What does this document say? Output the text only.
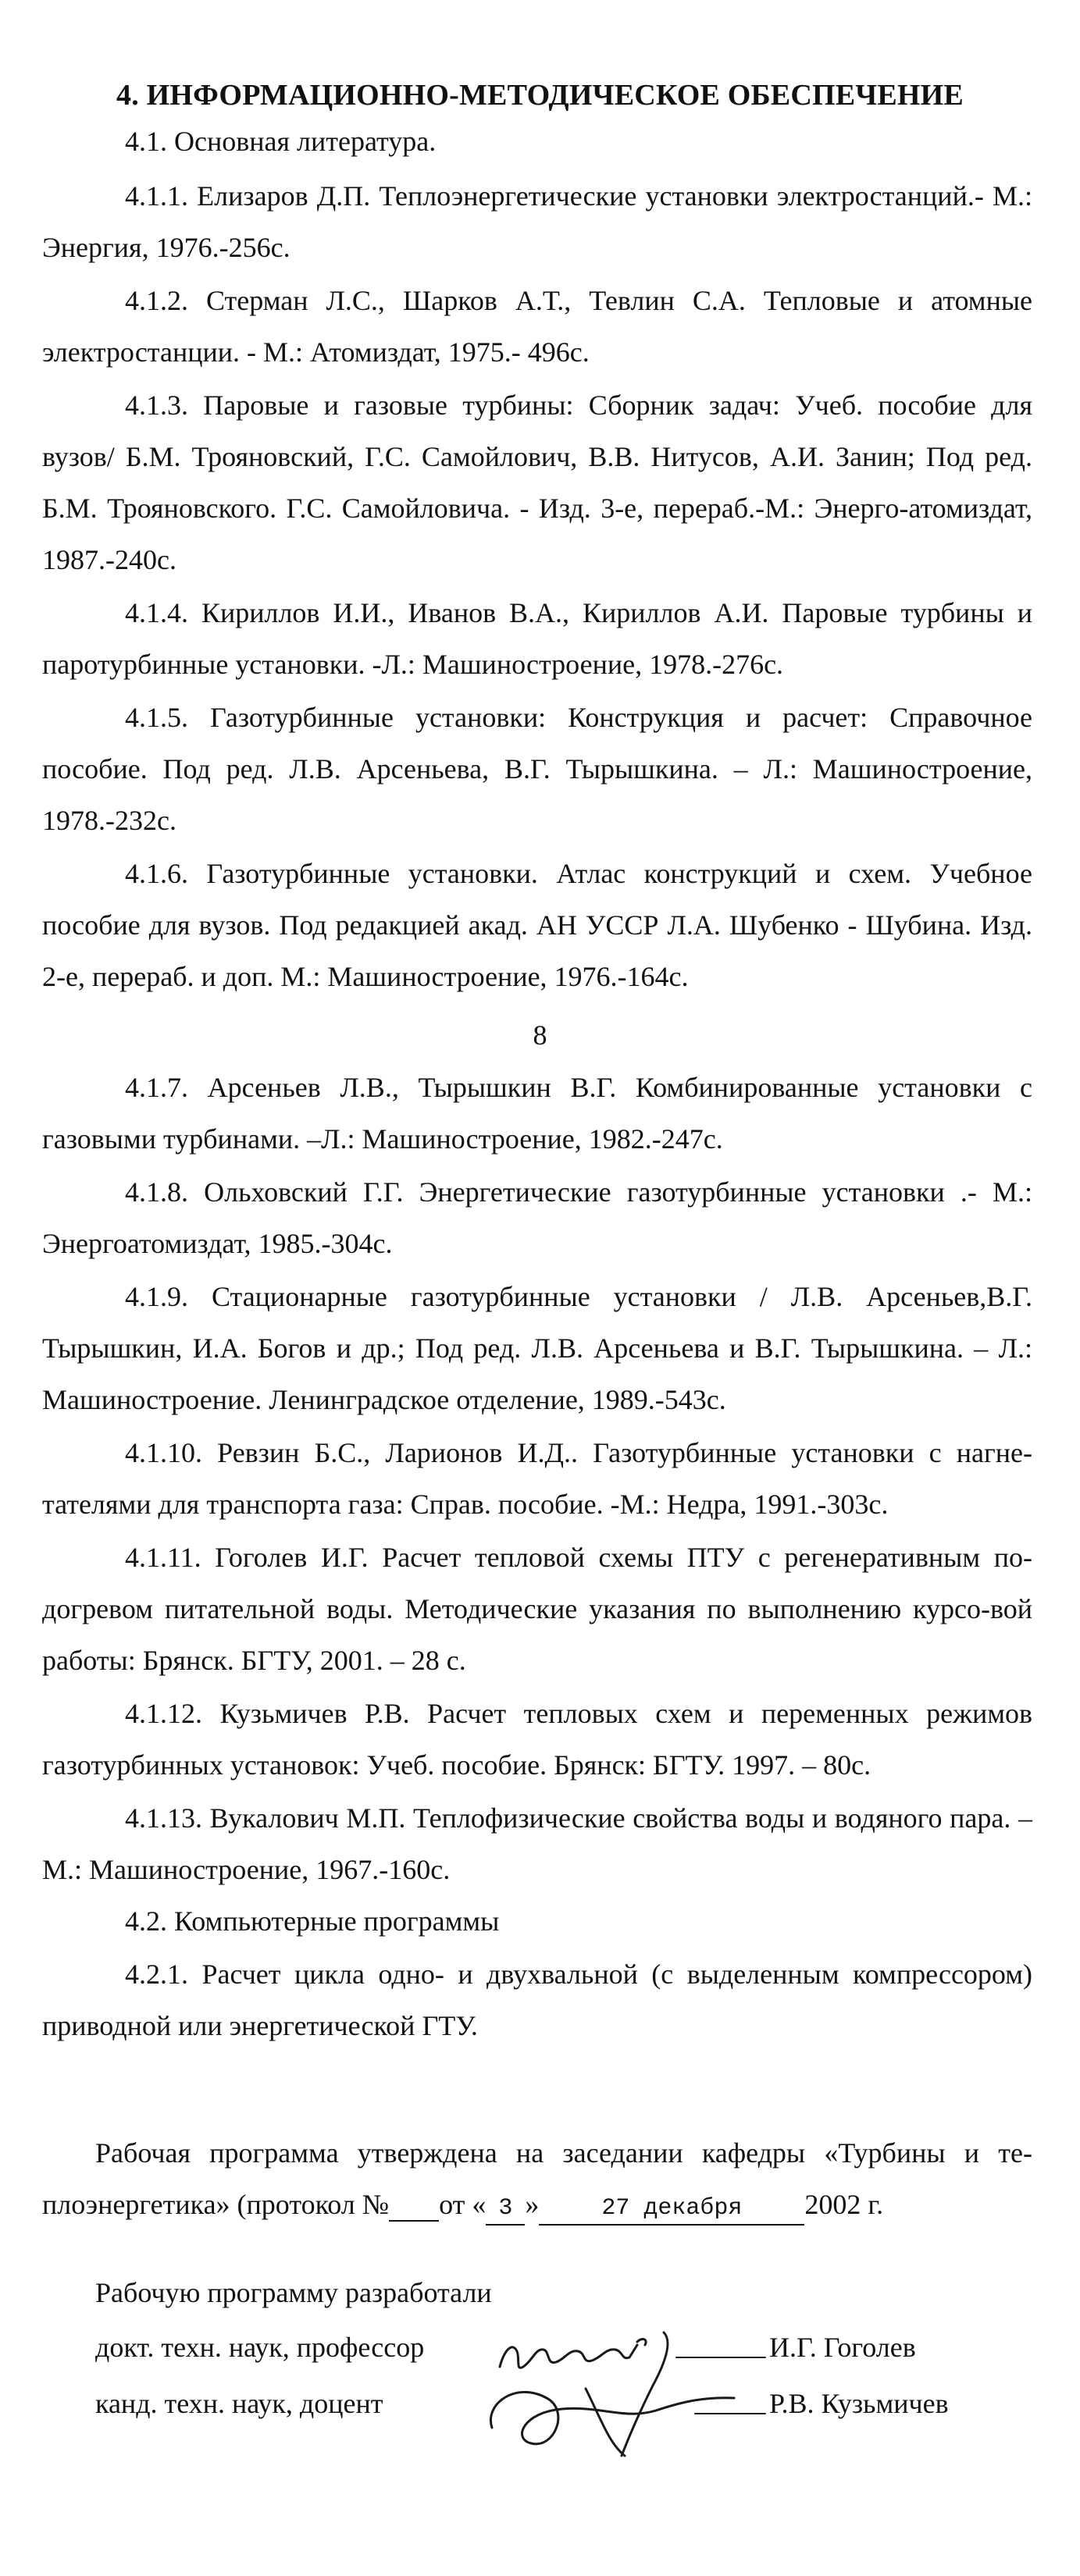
4. ИНФОРМАЦИОННО-МЕТОДИЧЕСКОЕ ОБЕСПЕЧЕНИЕ
4.1. Основная литература.
4.1.1. Елизаров Д.П. Теплоэнергетические установки электростанций.- М.: Энергия, 1976.-256с.
4.1.2. Стерман Л.С., Шарков А.Т., Тевлин С.А. Тепловые и атомные электростанции. - М.: Атомиздат, 1975.- 496с.
4.1.3. Паровые и газовые турбины: Сборник задач: Учеб. пособие для вузов/ Б.М. Трояновский, Г.С. Самойлович, В.В. Нитусов, А.И. Занин; Под ред. Б.М. Трояновского. Г.С. Самойловича. - Изд. 3-е, перераб.-М.: Энерго-атомиздат, 1987.-240с.
4.1.4. Кириллов И.И., Иванов В.А., Кириллов А.И. Паровые турбины и паротурбинные установки. -Л.: Машиностроение, 1978.-276с.
4.1.5. Газотурбинные установки: Конструкция и расчет: Справочное пособие. Под ред. Л.В. Арсеньева, В.Г. Тырышкина. – Л.: Машиностроение, 1978.-232с.
4.1.6. Газотурбинные установки. Атлас конструкций и схем. Учебное пособие для вузов. Под редакцией акад. АН УССР Л.А. Шубенко - Шубина. Изд. 2-е, перераб. и доп. М.: Машиностроение, 1976.-164с.
8
4.1.7. Арсеньев Л.В., Тырышкин В.Г. Комбинированные установки с газовыми турбинами. –Л.: Машиностроение, 1982.-247с.
4.1.8. Ольховский Г.Г. Энергетические газотурбинные установки .- М.: Энергоатомиздат, 1985.-304с.
4.1.9. Стационарные газотурбинные установки / Л.В. Арсеньев,В.Г. Тырышкин, И.А. Богов и др.; Под ред. Л.В. Арсеньева и В.Г. Тырышкина. – Л.: Машиностроение. Ленинградское отделение, 1989.-543с.
4.1.10. Ревзин Б.С., Ларионов И.Д.. Газотурбинные установки с нагне-тателями для транспорта газа: Справ. пособие. -М.: Недра, 1991.-303с.
4.1.11. Гоголев И.Г. Расчет тепловой схемы ПТУ с регенеративным по-догревом питательной воды. Методические указания по выполнению курсо-вой работы: Брянск. БГТУ, 2001. – 28 с.
4.1.12. Кузьмичев Р.В. Расчет тепловых схем и переменных режимов газотурбинных установок: Учеб. пособие. Брянск: БГТУ. 1997. – 80с.
4.1.13. Вукалович М.П. Теплофизические свойства воды и водяного пара. –М.: Машиностроение, 1967.-160с.
4.2. Компьютерные программы
4.2.1. Расчет цикла одно- и двухвальной (с выделенным компрессором) приводной или энергетической ГТУ.
Рабочая программа утверждена на заседании кафедры «Турбины и те-плоэнергетика» (протокол № от « 3 »	27 декабря 2002 г.
Рабочую программу разработали
докт. техн. наук, профессор
канд. техн. наук, доцент
И.Г. Гоголев
Р.В. Кузьмичев
